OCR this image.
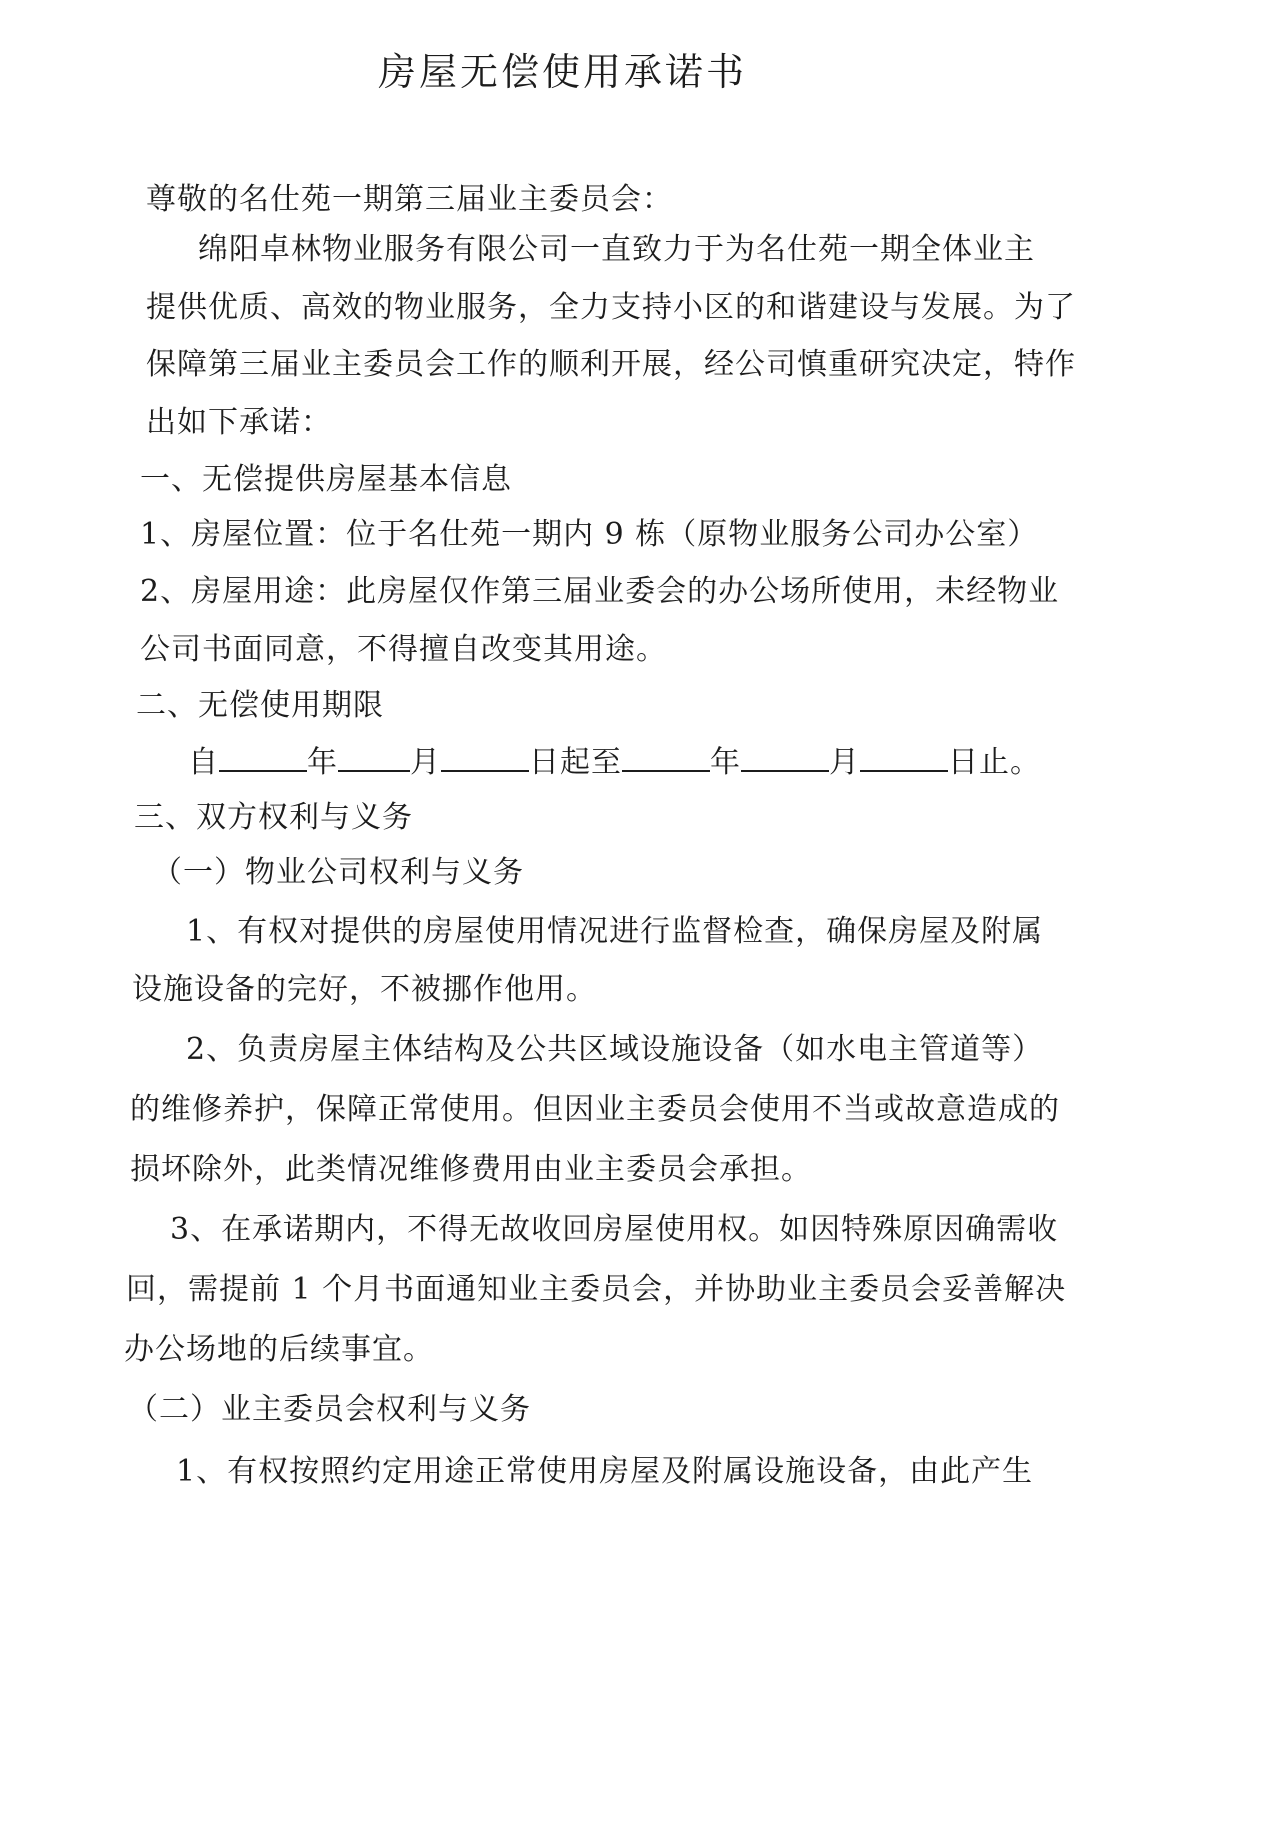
房屋无偿使用承诺书
尊敬的名仕苑一期第三届业主委员会：
绵阳卓林物业服务有限公司一直致力于为名仕苑一期全体业主
提供优质、高效的物业服务，全力支持小区的和谐建设与发展。为了
保障第三届业主委员会工作的顺利开展，经公司慎重研究决定，特作
出如下承诺：
一、无偿提供房屋基本信息
1、房屋位置：位于名仕苑一期内 9 栋（原物业服务公司办公室）
2、房屋用途：此房屋仅作第三届业委会的办公场所使用，未经物业
公司书面同意，不得擅自改变其用途。
二、无偿使用期限
自	年 月	日起至	年	月	日止。
三、双方权利与义务
（一）物业公司权利与义务
1、有权对提供的房屋使用情况进行监督检查，确保房屋及附属
设施设备的完好，不被挪作他用。
2、负责房屋主体结构及公共区域设施设备（如水电主管道等）
的维修养护，保障正常使用。但因业主委员会使用不当或故意造成的
损坏除外，此类情况维修费用由业主委员会承担。
3、在承诺期内，不得无故收回房屋使用权。如因特殊原因确需收
回，需提前 1 个月书面通知业主委员会，并协助业主委员会妥善解决
办公场地的后续事宜。
（二）业主委员会权利与义务
1、有权按照约定用途正常使用房屋及附属设施设备，由此产生
